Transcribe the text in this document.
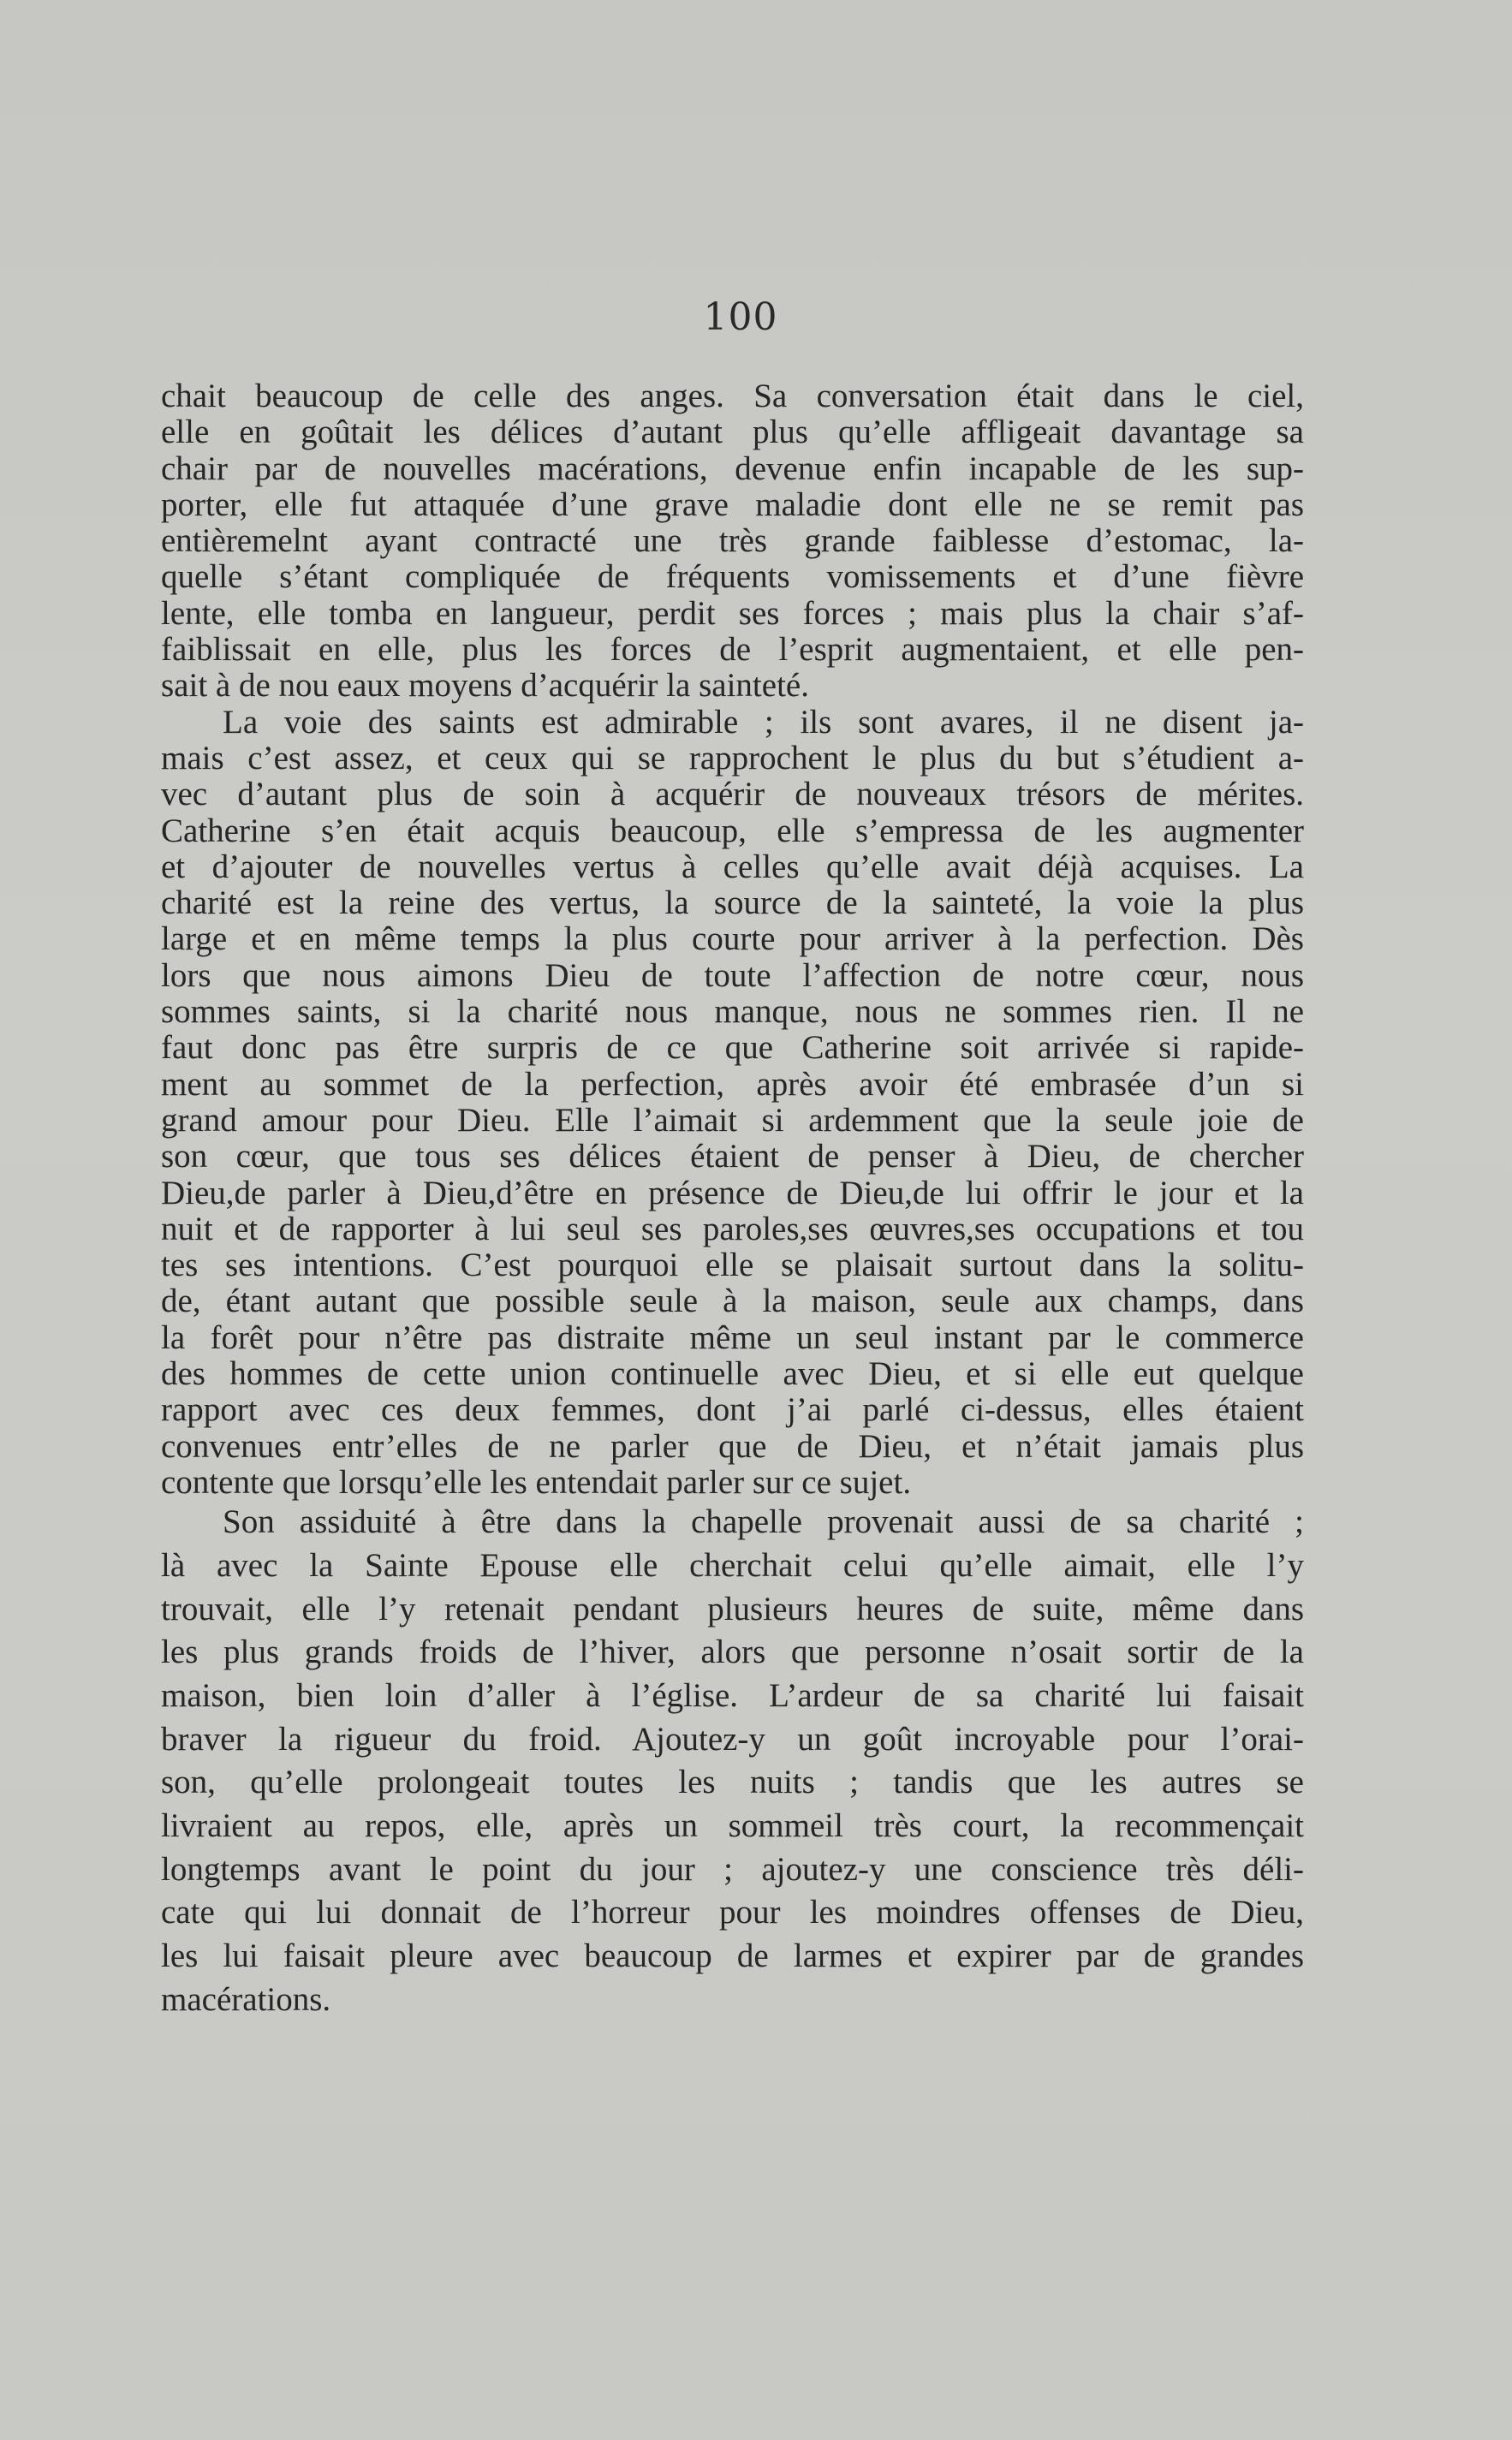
100
chait beaucoup de celle des anges. Sa conversation était dans le ciel,
elle en goûtait les délices d’autant plus qu’elle affligeait davantage sa
chair par de nouvelles macérations, devenue enfin incapable de les sup-
porter, elle fut attaquée d’une grave maladie dont elle ne se remit pas
entièremelnt ayant contracté une très grande faiblesse d’estomac, la-
quelle s’étant compliquée de fréquents vomissements et d’une fièvre
lente, elle tomba en langueur, perdit ses forces ; mais plus la chair s’af-
faiblissait en elle, plus les forces de l’esprit augmentaient, et elle pen-
sait à de nou eaux moyens d’acquérir la sainteté.
La voie des saints est admirable ; ils sont avares, il ne disent ja-
mais c’est assez, et ceux qui se rapprochent le plus du but s’étudient a-
vec d’autant plus de soin à acquérir de nouveaux trésors de mérites.
Catherine s’en était acquis beaucoup, elle s’empressa de les augmenter
et d’ajouter de nouvelles vertus à celles qu’elle avait déjà acquises. La
charité est la reine des vertus, la source de la sainteté, la voie la plus
large et en même temps la plus courte pour arriver à la perfection. Dès
lors que nous aimons Dieu de toute l’affection de notre cœur, nous
sommes saints, si la charité nous manque, nous ne sommes rien. Il ne
faut donc pas être surpris de ce que Catherine soit arrivée si rapide-
ment au sommet de la perfection, après avoir été embrasée d’un si
grand amour pour Dieu. Elle l’aimait si ardemment que la seule joie de
son cœur, que tous ses délices étaient de penser à Dieu, de chercher
Dieu,de parler à Dieu,d’être en présence de Dieu,de lui offrir le jour et la
nuit et de rapporter à lui seul ses paroles,ses œuvres,ses occupations et tou
tes ses intentions. C’est pourquoi elle se plaisait surtout dans la solitu-
de, étant autant que possible seule à la maison, seule aux champs, dans
la forêt pour n’être pas distraite même un seul instant par le commerce
des hommes de cette union continuelle avec Dieu, et si elle eut quelque
rapport avec ces deux femmes, dont j’ai parlé ci-dessus, elles étaient
convenues entr’elles de ne parler que de Dieu, et n’était jamais plus
contente que lorsqu’elle les entendait parler sur ce sujet.
Son assiduité à être dans la chapelle provenait aussi de sa charité ;
là avec la Sainte Epouse elle cherchait celui qu’elle aimait, elle l’y
trouvait, elle l’y retenait pendant plusieurs heures de suite, même dans
les plus grands froids de l’hiver, alors que personne n’osait sortir de la
maison, bien loin d’aller à l’église. L’ardeur de sa charité lui faisait
braver la rigueur du froid. Ajoutez-y un goût incroyable pour l’orai-
son, qu’elle prolongeait toutes les nuits ; tandis que les autres se
livraient au repos, elle, après un sommeil très court, la recommençait
longtemps avant le point du jour ; ajoutez-y une conscience très déli-
cate qui lui donnait de l’horreur pour les moindres offenses de Dieu,
les lui faisait pleure avec beaucoup de larmes et expirer par de grandes
macérations.
